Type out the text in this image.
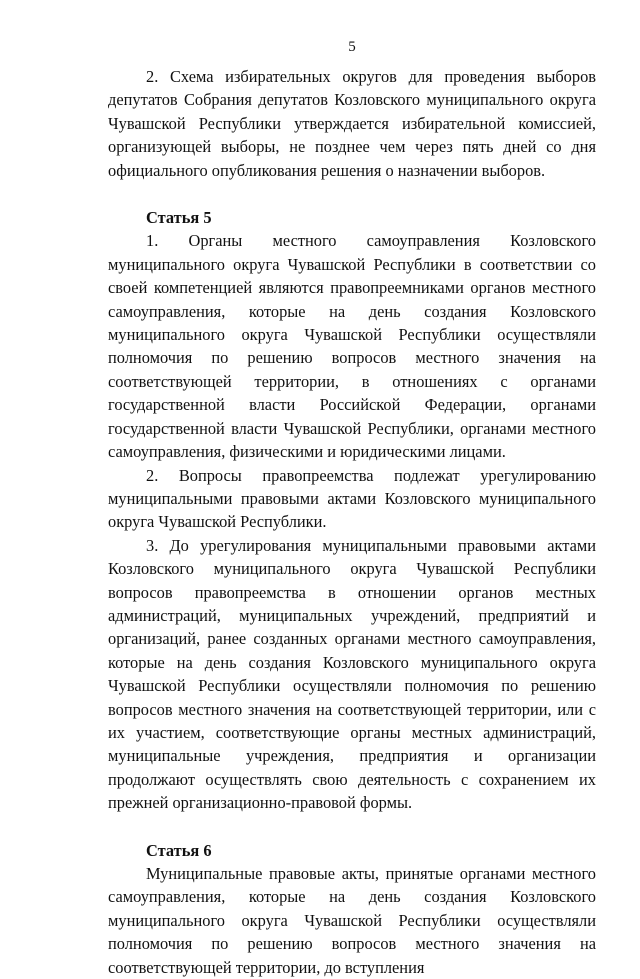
5

2. Схема избирательных округов для проведения выборов депутатов Собрания депутатов Козловского муниципального округа Чувашской Республики утверждается избирательной комиссией, организующей выборы, не позднее чем через пять дней со дня официального опубликования решения о назначении выборов.

Статья 5

1. Органы местного самоуправления Козловского муниципального округа Чувашской Республики в соответствии со своей компетенцией являются правопреемниками органов местного самоуправления, которые на день создания Козловского муниципального округа Чувашской Республики осуществляли полномочия по решению вопросов местного значения на соответствующей территории, в отношениях с органами государственной власти Российской Федерации, органами государственной власти Чувашской Республики, органами местного самоуправления, физическими и юридическими лицами.

2. Вопросы правопреемства подлежат урегулированию муниципальными правовыми актами Козловского муниципального округа Чувашской Республики.

3. До урегулирования муниципальными правовыми актами Козловского муниципального округа Чувашской Республики вопросов правопреемства в отношении органов местных администраций, муниципальных учреждений, предприятий и организаций, ранее созданных органами местного самоуправления, которые на день создания Козловского муниципального округа Чувашской Республики осуществляли полномочия по решению вопросов местного значения на соответствующей территории, или с их участием, соответствующие органы местных администраций, муниципальные учреждения, предприятия и организации продолжают осуществлять свою деятельность с сохранением их прежней организационно-правовой формы.

Статья 6

Муниципальные правовые акты, принятые органами местного самоуправления, которые на день создания Козловского муниципального округа Чувашской Республики осуществляли полномочия по решению вопросов местного значения на соответствующей территории, до вступления
